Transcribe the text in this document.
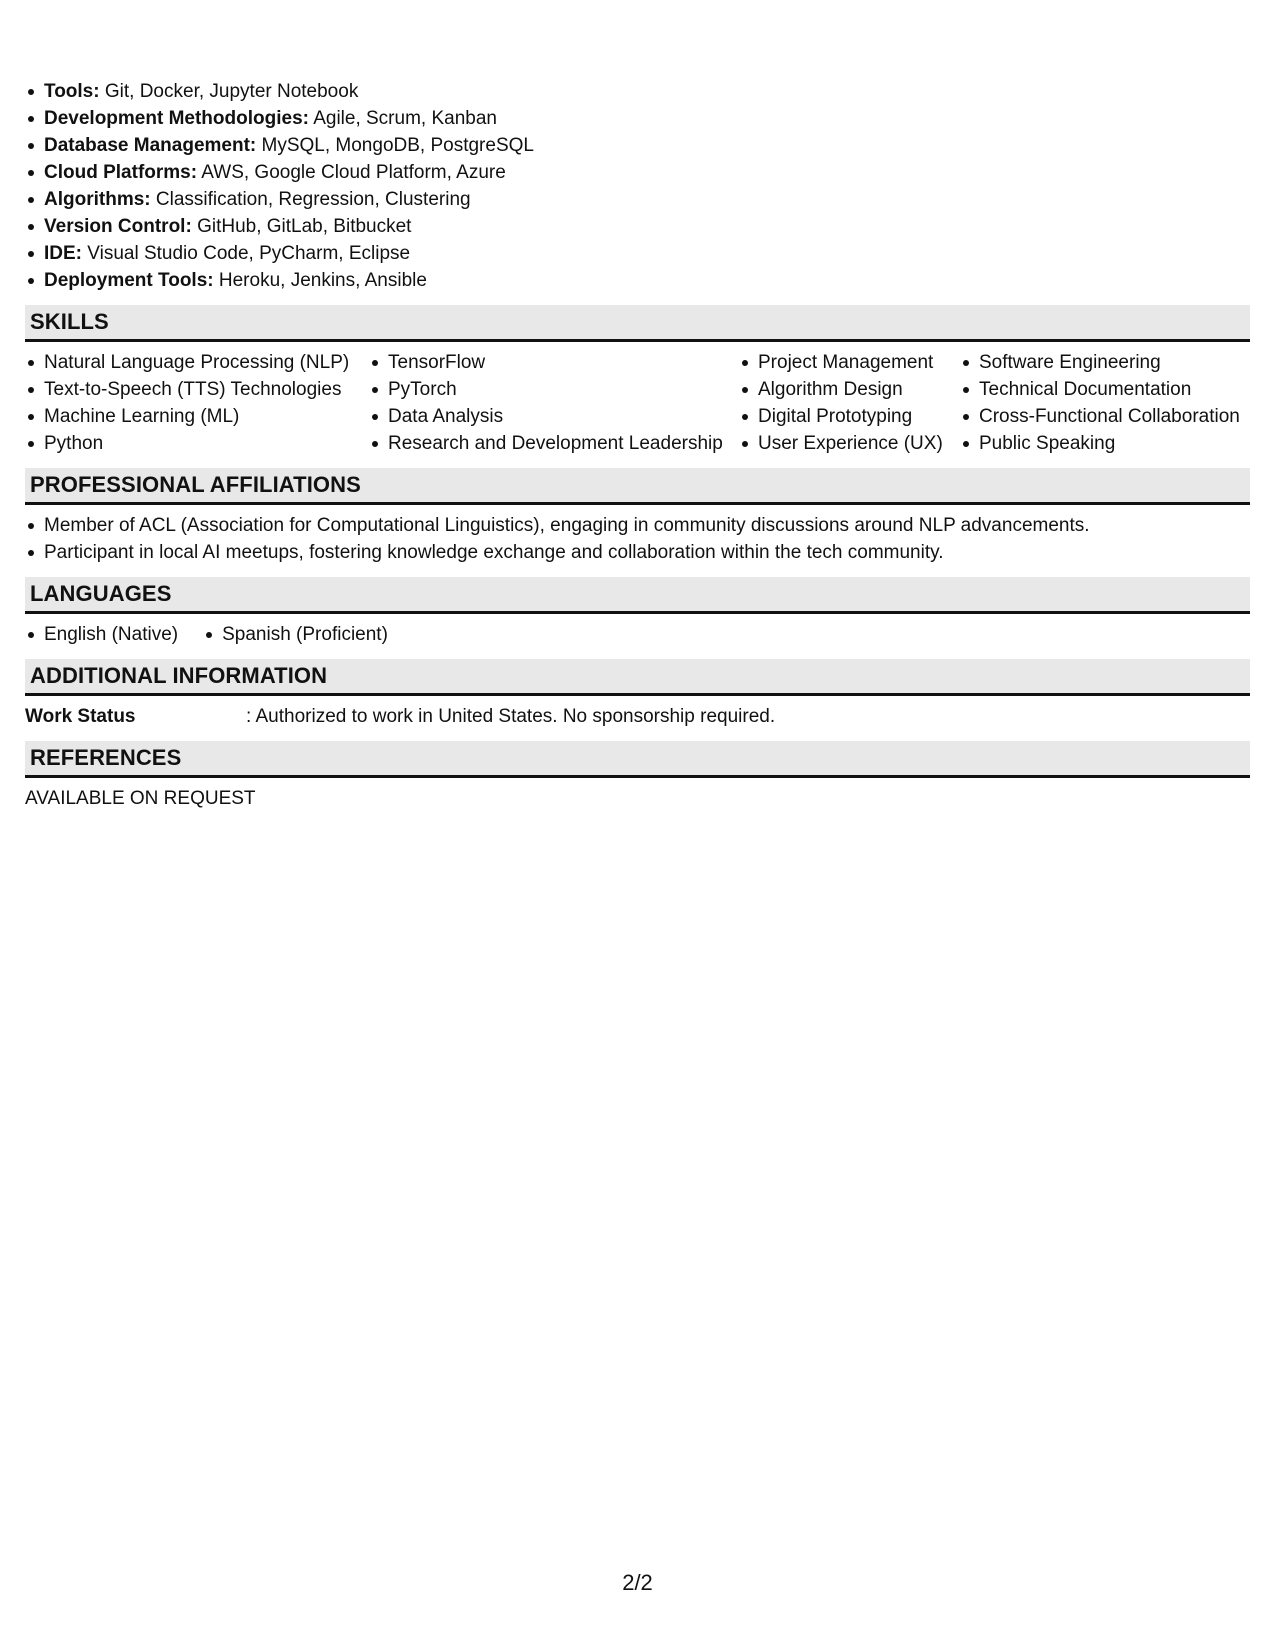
Tools: Git, Docker, Jupyter Notebook
Development Methodologies: Agile, Scrum, Kanban
Database Management: MySQL, MongoDB, PostgreSQL
Cloud Platforms: AWS, Google Cloud Platform, Azure
Algorithms: Classification, Regression, Clustering
Version Control: GitHub, GitLab, Bitbucket
IDE: Visual Studio Code, PyCharm, Eclipse
Deployment Tools: Heroku, Jenkins, Ansible
SKILLS
Natural Language Processing (NLP)
Text-to-Speech (TTS) Technologies
Machine Learning (ML)
Python
TensorFlow
PyTorch
Data Analysis
Research and Development Leadership
Project Management
Algorithm Design
Digital Prototyping
User Experience (UX)
Software Engineering
Technical Documentation
Cross-Functional Collaboration
Public Speaking
PROFESSIONAL AFFILIATIONS
Member of ACL (Association for Computational Linguistics), engaging in community discussions around NLP advancements.
Participant in local AI meetups, fostering knowledge exchange and collaboration within the tech community.
LANGUAGES
English (Native)	Spanish (Proficient)
ADDITIONAL INFORMATION
Work Status	: Authorized to work in United States. No sponsorship required.
REFERENCES
AVAILABLE ON REQUEST
2/2
